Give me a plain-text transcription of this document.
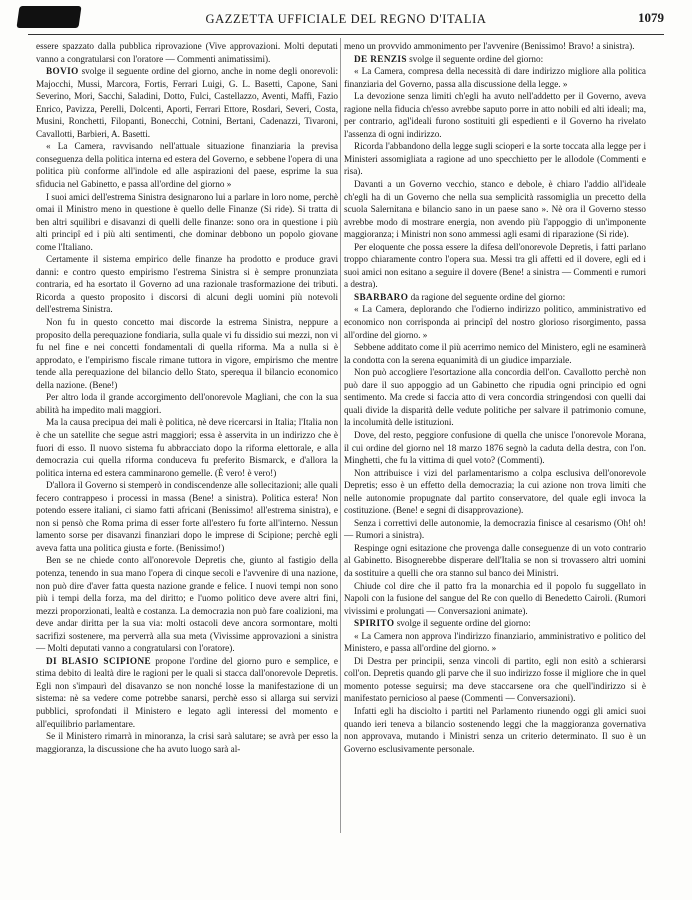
GAZZETTA UFFICIALE DEL REGNO D'ITALIA	1079

essere spazzato dalla pubblica riprovazione (Vive approvazioni. Molti deputati vanno a congratularsi con l'oratore — Commenti animatissimi).

BOVIO svolge il seguente ordine del giorno, anche in nome degli onorevoli: Majocchi, Mussi, Marcora, Fortis, Ferrari Luigi, G. L. Basetti, Capone, Sani Severino, Mori, Sacchi, Saladini, Dotto, Fulci, Castellazzo, Aventi, Maffi, Fazio Enrico, Pavizza, Perelli, Dolcenti, Aporti, Ferrari Ettore, Rosdari, Severi, Costa, Musini, Ronchetti, Filopanti, Bonecchi, Cotnini, Bertani, Cadenazzi, Tivaroni, Cavallotti, Barbieri, A. Basetti.

« La Camera, ravvisando nell'attuale situazione finanziaria la previsa conseguenza della politica interna ed estera del Governo, e sebbene l'opera di una politica più conforme all'indole ed alle aspirazioni del paese, esprime la sua sfiducia nel Gabinetto, e passa all'ordine del giorno »

I suoi amici dell'estrema Sinistra designarono lui a parlare in loro nome, perchè omai il Ministro meno in questione è quello delle Finanze (Si ride). Si tratta di ben altri squilibri e disavanzi di quelli delle finanze: sono ora in questione i più alti principî ed i più alti sentimenti, che dominar debbono un popolo giovane come l'Italiano.

Certamente il sistema empirico delle finanze ha prodotto e produce gravi danni: e contro questo empirismo l'estrema Sinistra si è sempre pronunziata contraria, ed ha esortato il Governo ad una razionale trasformazione dei tributi. Ricorda a questo proposito i discorsi di alcuni degli uomini più notevoli dell'estrema Sinistra.

Non fu in questo concetto mai discorde la estrema Sinistra, neppure a proposito della perequazione fondiaria, sulla quale vi fu dissidio sui mezzi, non vi fu nel fine e nei concetti fondamentali di quella riforma. Ma a nulla si è approdato, e l'empirismo fiscale rimane tuttora in vigore, empirismo che mentre tende alla perequazione del bilancio dello Stato, sperequa il bilancio economico della nazione. (Bene!)

Per altro loda il grande accorgimento dell'onorevole Magliani, che con la sua abilità ha impedito mali maggiori.

Ma la causa precipua dei mali è politica, nè deve ricercarsi in Italia; l'Italia non è che un satellite che segue astri maggiori; essa è asservita in un indirizzo che è fuori di esso. Il nuovo sistema fu abbracciato dopo la riforma elettorale, e alla democrazia cui quella riforma conduceva fu preferito Bismarck, e d'allora la politica interna ed estera camminarono gemelle. (È vero! è vero!)

D'allora il Governo si stemperò in condiscendenze alle sollecitazioni; alle quali fecero contrappeso i processi in massa (Bene! a sinistra). Politica estera! Non potendo essere italiani, ci siamo fatti africani (Benissimo! all'estrema sinistra), e non si pensò che Roma prima di esser forte all'estero fu forte all'interno. Nessun lamento sorse per disavanzi finanziari dopo le imprese di Scipione; perchè egli aveva fatta una politica giusta e forte. (Benissimo!)

Ben se ne chiede conto all'onorevole Depretis che, giunto al fastigio della potenza, tenendo in sua mano l'opera di cinque secoli e l'avvenire di una nazione, non può dire d'aver fatta questa nazione grande e felice. I nuovi tempi non sono più i tempi della forza, ma del diritto; e l'uomo politico deve avere altri fini, mezzi proporzionati, lealtà e costanza. La democrazia non può fare coalizioni, ma deve andar diritta per la sua via: molti ostacoli deve ancora sormontare, molti sacrifizi sostenere, ma perverrà alla sua meta (Vivissime approvazioni a sinistra — Molti deputati vanno a congratularsi con l'oratore).

DI BLASIO SCIPIONE propone l'ordine del giorno puro e semplice, e stima debito di lealtà dire le ragioni per le quali si stacca dall'onorevole Depretis. Egli non s'impaurì del disavanzo se non nonché losse la manifestazione di un sistema: nè sa vedere come potrebbe sanarsi, perchè esso si allarga sui servizi pubblici, sprofondati il Ministero e legato agli interessi del momento e all'equilibrio parlamentare.

Se il Ministero rimarrà in minoranza, la crisi sarà salutare; se avrà per esso la maggioranza, la discussione che ha avuto luogo sarà al-

meno un provvido ammonimento per l'avvenire (Benissimo! Bravo! a sinistra).

DE RENZIS svolge il seguente ordine del giorno:

« La Camera, compresa della necessità di dare indirizzo migliore alla politica finanziaria del Governo, passa alla discussione della legge. »

La devozione senza limiti ch'egli ha avuto nell'addetto per il Governo, aveva ragione nella fiducia ch'esso avrebbe saputo porre in atto nobili ed alti ideali; ma, per contrario, agl'ideali furono sostituiti gli espedienti e il Governo ha rivelato l'assenza di ogni indirizzo.

Ricorda l'abbandono della legge sugli scioperi e la sorte toccata alla legge per i Ministeri assomigliata a ragione ad uno specchietto per le allodole (Commenti e risa).

Davanti a un Governo vecchio, stanco e debole, è chiaro l'addio all'ideale ch'egli ha di un Governo che nella sua semplicità rassomiglia un precetto della scuola Salernitana e bilancio sano in un paese sano ». Nè ora il Governo stesso avrebbe modo di mostrare energia, non avendo più l'appoggio di un'imponente maggioranza; i Ministri non sono ammessi agli esami di riparazione (Si ride).

Per eloquente che possa essere la difesa dell'onorevole Depretis, i fatti parlano troppo chiaramente contro l'opera sua. Messi tra gli affetti ed il dovere, egli ed i suoi amici non esitano a seguire il dovere (Bene! a sinistra — Commenti e rumori a destra).

SBARBARO da ragione del seguente ordine del giorno:

« La Camera, deplorando che l'odierno indirizzo politico, amministrativo ed economico non corrisponda ai principî del nostro glorioso risorgimento, passa all'ordine del giorno. »

Sebbene additato come il più acerrimo nemico del Ministero, egli ne esaminerà la condotta con la serena equanimità di un giudice imparziale.

Non può accogliere l'esortazione alla concordia dell'on. Cavallotto perchè non può dare il suo appoggio ad un Gabinetto che ripudia ogni principio ed ogni sentimento. Ma crede si faccia atto di vera concordia stringendosi con quelli dai quali divide la disparità delle vedute politiche per salvare il patrimonio comune, la incolumità delle istituzioni.

Dove, del resto, peggiore confusione di quella che unisce l'onorevole Morana, il cui ordine del giorno nel 18 marzo 1876 segnò la caduta della destra, con l'on. Minghetti, che fu la vittima di quel voto? (Commenti).

Non attribuisce i vizi del parlamentarismo a colpa esclusiva dell'onorevole Depretis; esso è un effetto della democrazia; la cui azione non trova limiti che nelle autonomie propugnate dal partito conservatore, del quale egli invoca la costituzione. (Bene! e segni di disapprovazione).

Senza i correttivi delle autonomie, la democrazia finisce al cesarismo (Oh! oh! — Rumori a sinistra).

Respinge ogni esitazione che provenga dalle conseguenze di un voto contrario al Gabinetto. Bisognerebbe disperare dell'Italia se non si trovassero altri uomini da sostituire a quelli che ora stanno sul banco dei Ministri.

Chiude col dire che il patto fra la monarchia ed il popolo fu suggellato in Napoli con la fusione del sangue del Re con quello di Benedetto Cairoli. (Rumori vivissimi e prolungati — Conversazioni animate).

SPIRITO svolge il seguente ordine del giorno:

« La Camera non approva l'indirizzo finanziario, amministrativo e politico del Ministero, e passa all'ordine del giorno. »

Di Destra per principii, senza vincoli di partito, egli non esitò a schierarsi coll'on. Depretis quando gli parve che il suo indirizzo fosse il migliore che in quel momento potesse seguirsi; ma deve staccarsene ora che quell'indirizzo si è manifestato pernicioso al paese (Commenti — Conversazioni).

Infatti egli ha disciolto i partiti nel Parlamento riunendo oggi gli amici suoi quando ieri teneva a bilancio sostenendo leggi che la maggioranza governativa non approvava, mutando i Ministri senza un criterio determinato. Il suo è un Governo esclusivamente personale.
